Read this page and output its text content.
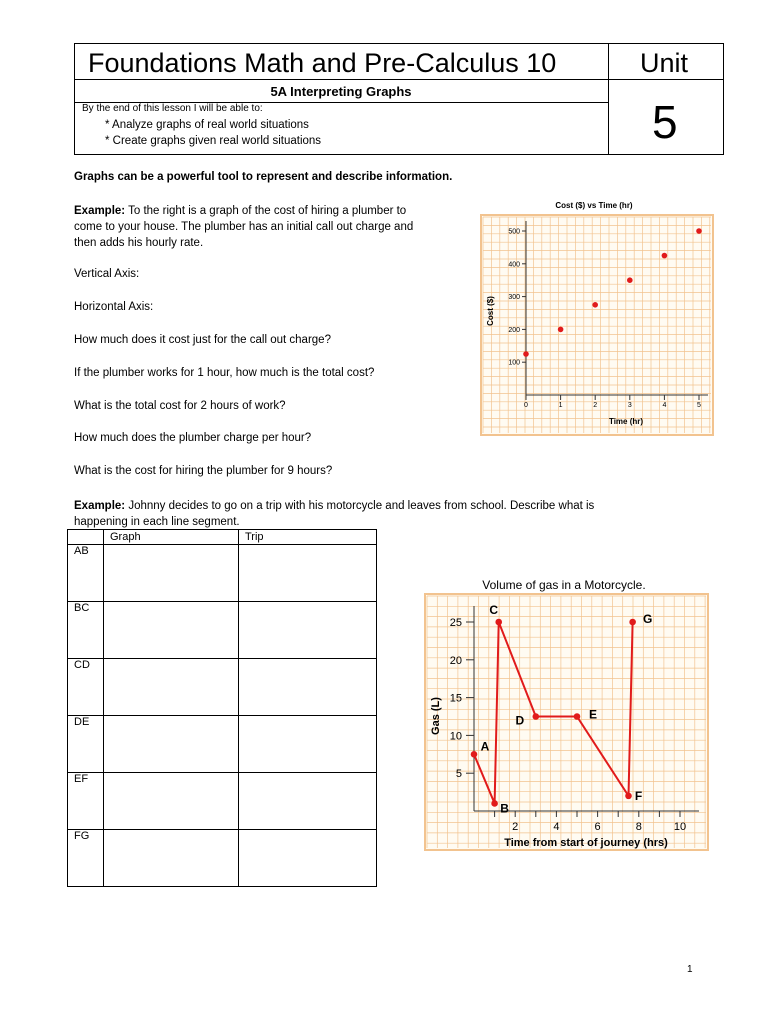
Foundations Math and Pre-Calculus 10	Unit
5
5A Interpreting Graphs
By the end of this lesson I will be able to:
* Analyze graphs of real world situations
* Create graphs given real world situations
Graphs can be a powerful tool to represent and describe information.
Example: To the right is a graph of the cost of hiring a plumber to
come to your house. The plumber has an initial call out charge and
then adds his hourly rate.
Vertical Axis:
Horizontal Axis:
How much does it cost just for the call out charge?
If the plumber works for 1 hour, how much is the total cost?
What is the total cost for 2 hours of work?
How much does the plumber charge per hour?
What is the cost for hiring the plumber for 9 hours?
Cost ($) vs Time (hr)
0	1	2	3	4	5
100
200
300
400
500
Time (hr)
Cost ($)
Example: Johnny decides to go on a trip with his motorcycle and leaves from school. Describe what is
happening in each line segment.
	Graph	Trip
AB		
BC		
CD		
DE		
EF		
FG		
Volume of gas in a Motorcycle.
2	4	6	8	10
5
10
15
20
25
A
B
C
D	E
F
G
Time from start of journey (hrs)
Gas (L)
1
